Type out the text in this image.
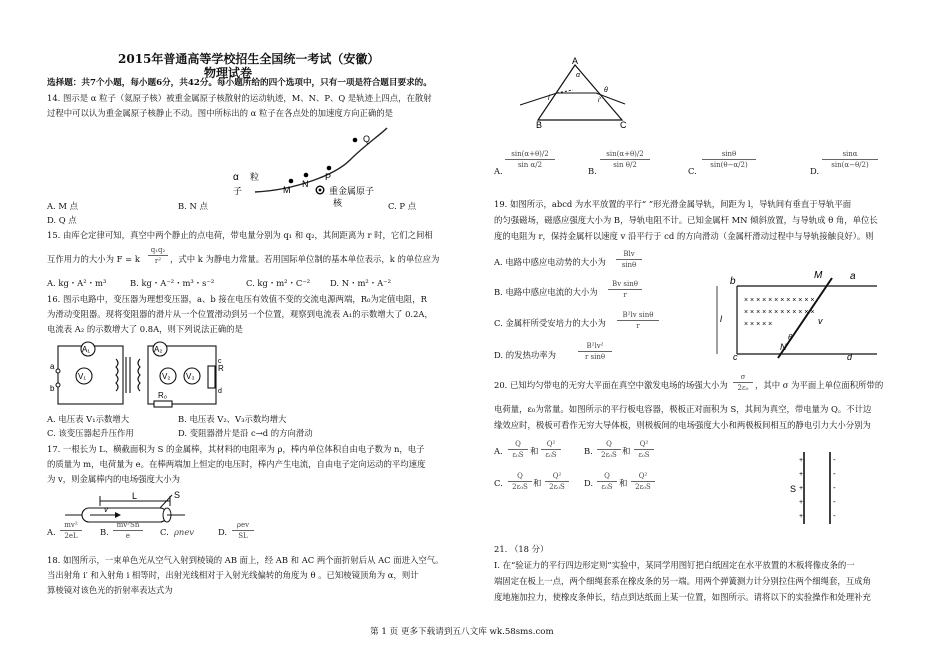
2015年普通高等学校招生全国统一考试（安徽）
物理试卷
选择题：共7个小题，每小题6分，共42分。每小题所给的四个选项中，只有一项是符合题目要求的。
14. 图示是 α 粒子（氦原子核）被重金属原子核散射的运动轨迹，M、N、P、Q 是轨迹上四点，在散射
过程中可以认为重金属原子核静止不动。图中所标出的 α 粒子在各点处的加速度方向正确的是
α 粒
子	M
N
P
Q
重金属原子
核
A. M 点	B. N 点	C. P 点
D. Q 点
15. 由库仑定律可知，真空中两个静止的点电荷，带电量分别为 q₁ 和 q₂，其间距离为 r 时，它们之间相
互作用力的大小为 F = k
q₁q₂
r²	，式中 k 为静电力常量。若用国际单位制的基本单位表示，k 的单位应为
A. kg・A²・m³	B. kg・A⁻²・m³・s⁻²	C. kg・m²・C⁻² D. N・m²・A⁻²
16. 图示电路中，变压器为理想变压器，a、b 接在电压有效值不变的交流电源两端，R₀为定值电阻，R
为滑动变阻器。现将变阻器的滑片从一个位置滑动到另一个位置，观察到电流表 A₁的示数增大了 0.2A，
电流表 A₂ 的示数增大了 0.8A，则下列说法正确的是
A₁
V₁
A₂
V₂ V₃
R₀
R
a
b
c
d
A. 电压表 V₁示数增大	B. 电压表 V₂、V₃示数均增大
C. 该变压器起升压作用	D. 变阻器滑片是沿 c→d 的方向滑动
17. 一根长为 L、横截面积为 S 的金属棒，其材料的电阻率为 ρ，棒内单位体积自由电子数为 n，电子
的质量为 m，电荷量为 e。在棒两端加上恒定的电压时，棒内产生电流，自由电子定向运动的平均速度
为 v，则金属棒内的电场强度大小为
L
v
S
A.
mv²
2eL	B.
mv²Sn
e	C. ρnev	D.
ρev
SL
18. 如图所示，一束单色光从空气入射到棱镜的 AB 面上，经 AB 和 AC 两个面折射后从 AC 面进入空气。
当出射角 i′ 和入射角 i 相等时，出射光线相对于入射光线偏转的角度为 θ 。已知棱镜顶角为 α，则计
算棱镜对该色光的折射率表达式为
A
B	C
α
i	i′
θ
A.
sin(α+θ)/2
sin α/2
B.
sin(α+θ)/2
sin θ/2
C.
sinθ
sin(θ−α/2)
D.
sinα
sin(α−θ/2)
19. 如图所示，abcd 为水平放置的平行“ ”形光滑金属导轨，间距为 l，导轨间有垂直于导轨平面
的匀强磁场，磁感应强度大小为 B，导轨电阻不计。已知金属杆 MN 倾斜放置，与导轨成 θ 角，单位长
度的电阻为 r，保持金属杆以速度 v 沿平行于 cd 的方向滑动（金属杆滑动过程中与导轨接触良好）。则
A. 电路中感应电动势的大小为
Blv
sinθ
B. 电路中感应电流的大小为
Bv sinθ
r
C. 金属杆所受安培力的大小为
B²lv sinθ
r
D. 的发热功率为
B²lv²
r sinθ
l
× × × × × × × × × × × ×
× × × × × × × × × × × ×
× × × × ×
M
N
a
b
c	d
v
θ
20. 已知均匀带电的无穷大平面在真空中激发电场的场强大小为
σ
2ε₀ ，其中 σ 为平面上单位面积所带的
电荷量，ε₀为常量。如图所示的平行板电容器，极板正对面积为 S，其间为真空，带电量为 Q。不计边
缘效应时，极板可看作无穷大导体板，则极板间的电场强度大小和两极板间相互的静电引力大小分别为
A.
Q
ε₀S 和
Q²
ε₀S	B.
Q
2ε₀S 和
Q²
ε₀S
C.
Q
2ε₀S 和
Q²
2ε₀S	D.
Q
ε₀S 和
Q²
2ε₀S	S
+
+
+
+
+
-
-
-
-
-
21. （18 分）
Ⅰ. 在“验证力的平行四边形定则”实验中，某同学用图钉把白纸固定在水平放置的木板将像皮条的一
端固定在板上一点，两个细绳套系在橡皮条的另一端。用两个弹簧测力计分别拉住两个细绳套，互成角
度地施加拉力，使橡皮条伸长，结点到达纸面上某一位置，如图所示。请将以下的实验操作和处理补充
第 1 页 更多下载请到五八文库 wk.58sms.com
